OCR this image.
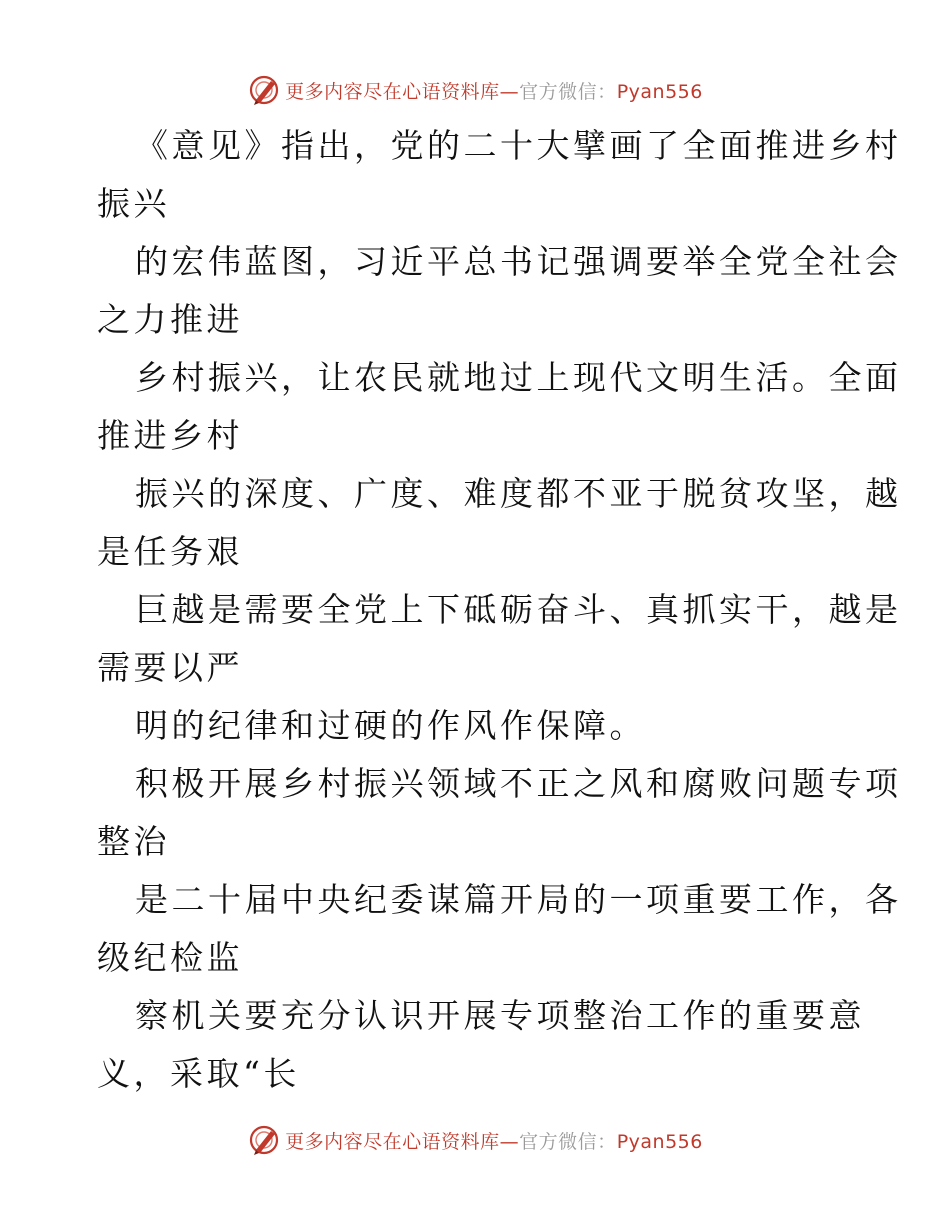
更多内容尽在心语资料库—官方微信：Pyan556
《意见》指出，党的二十大擘画了全面推进乡村
振兴
的宏伟蓝图，习近平总书记强调要举全党全社会
之力推进
乡村振兴，让农民就地过上现代文明生活。全面
推进乡村
振兴的深度、广度、难度都不亚于脱贫攻坚，越
是任务艰
巨越是需要全党上下砥砺奋斗、真抓实干，越是
需要以严
明的纪律和过硬的作风作保障。
积极开展乡村振兴领域不正之风和腐败问题专项
整治
是二十届中央纪委谋篇开局的一项重要工作，各
级纪检监
察机关要充分认识开展专项整治工作的重要意
义，采取“长
更多内容尽在心语资料库—官方微信：Pyan556
